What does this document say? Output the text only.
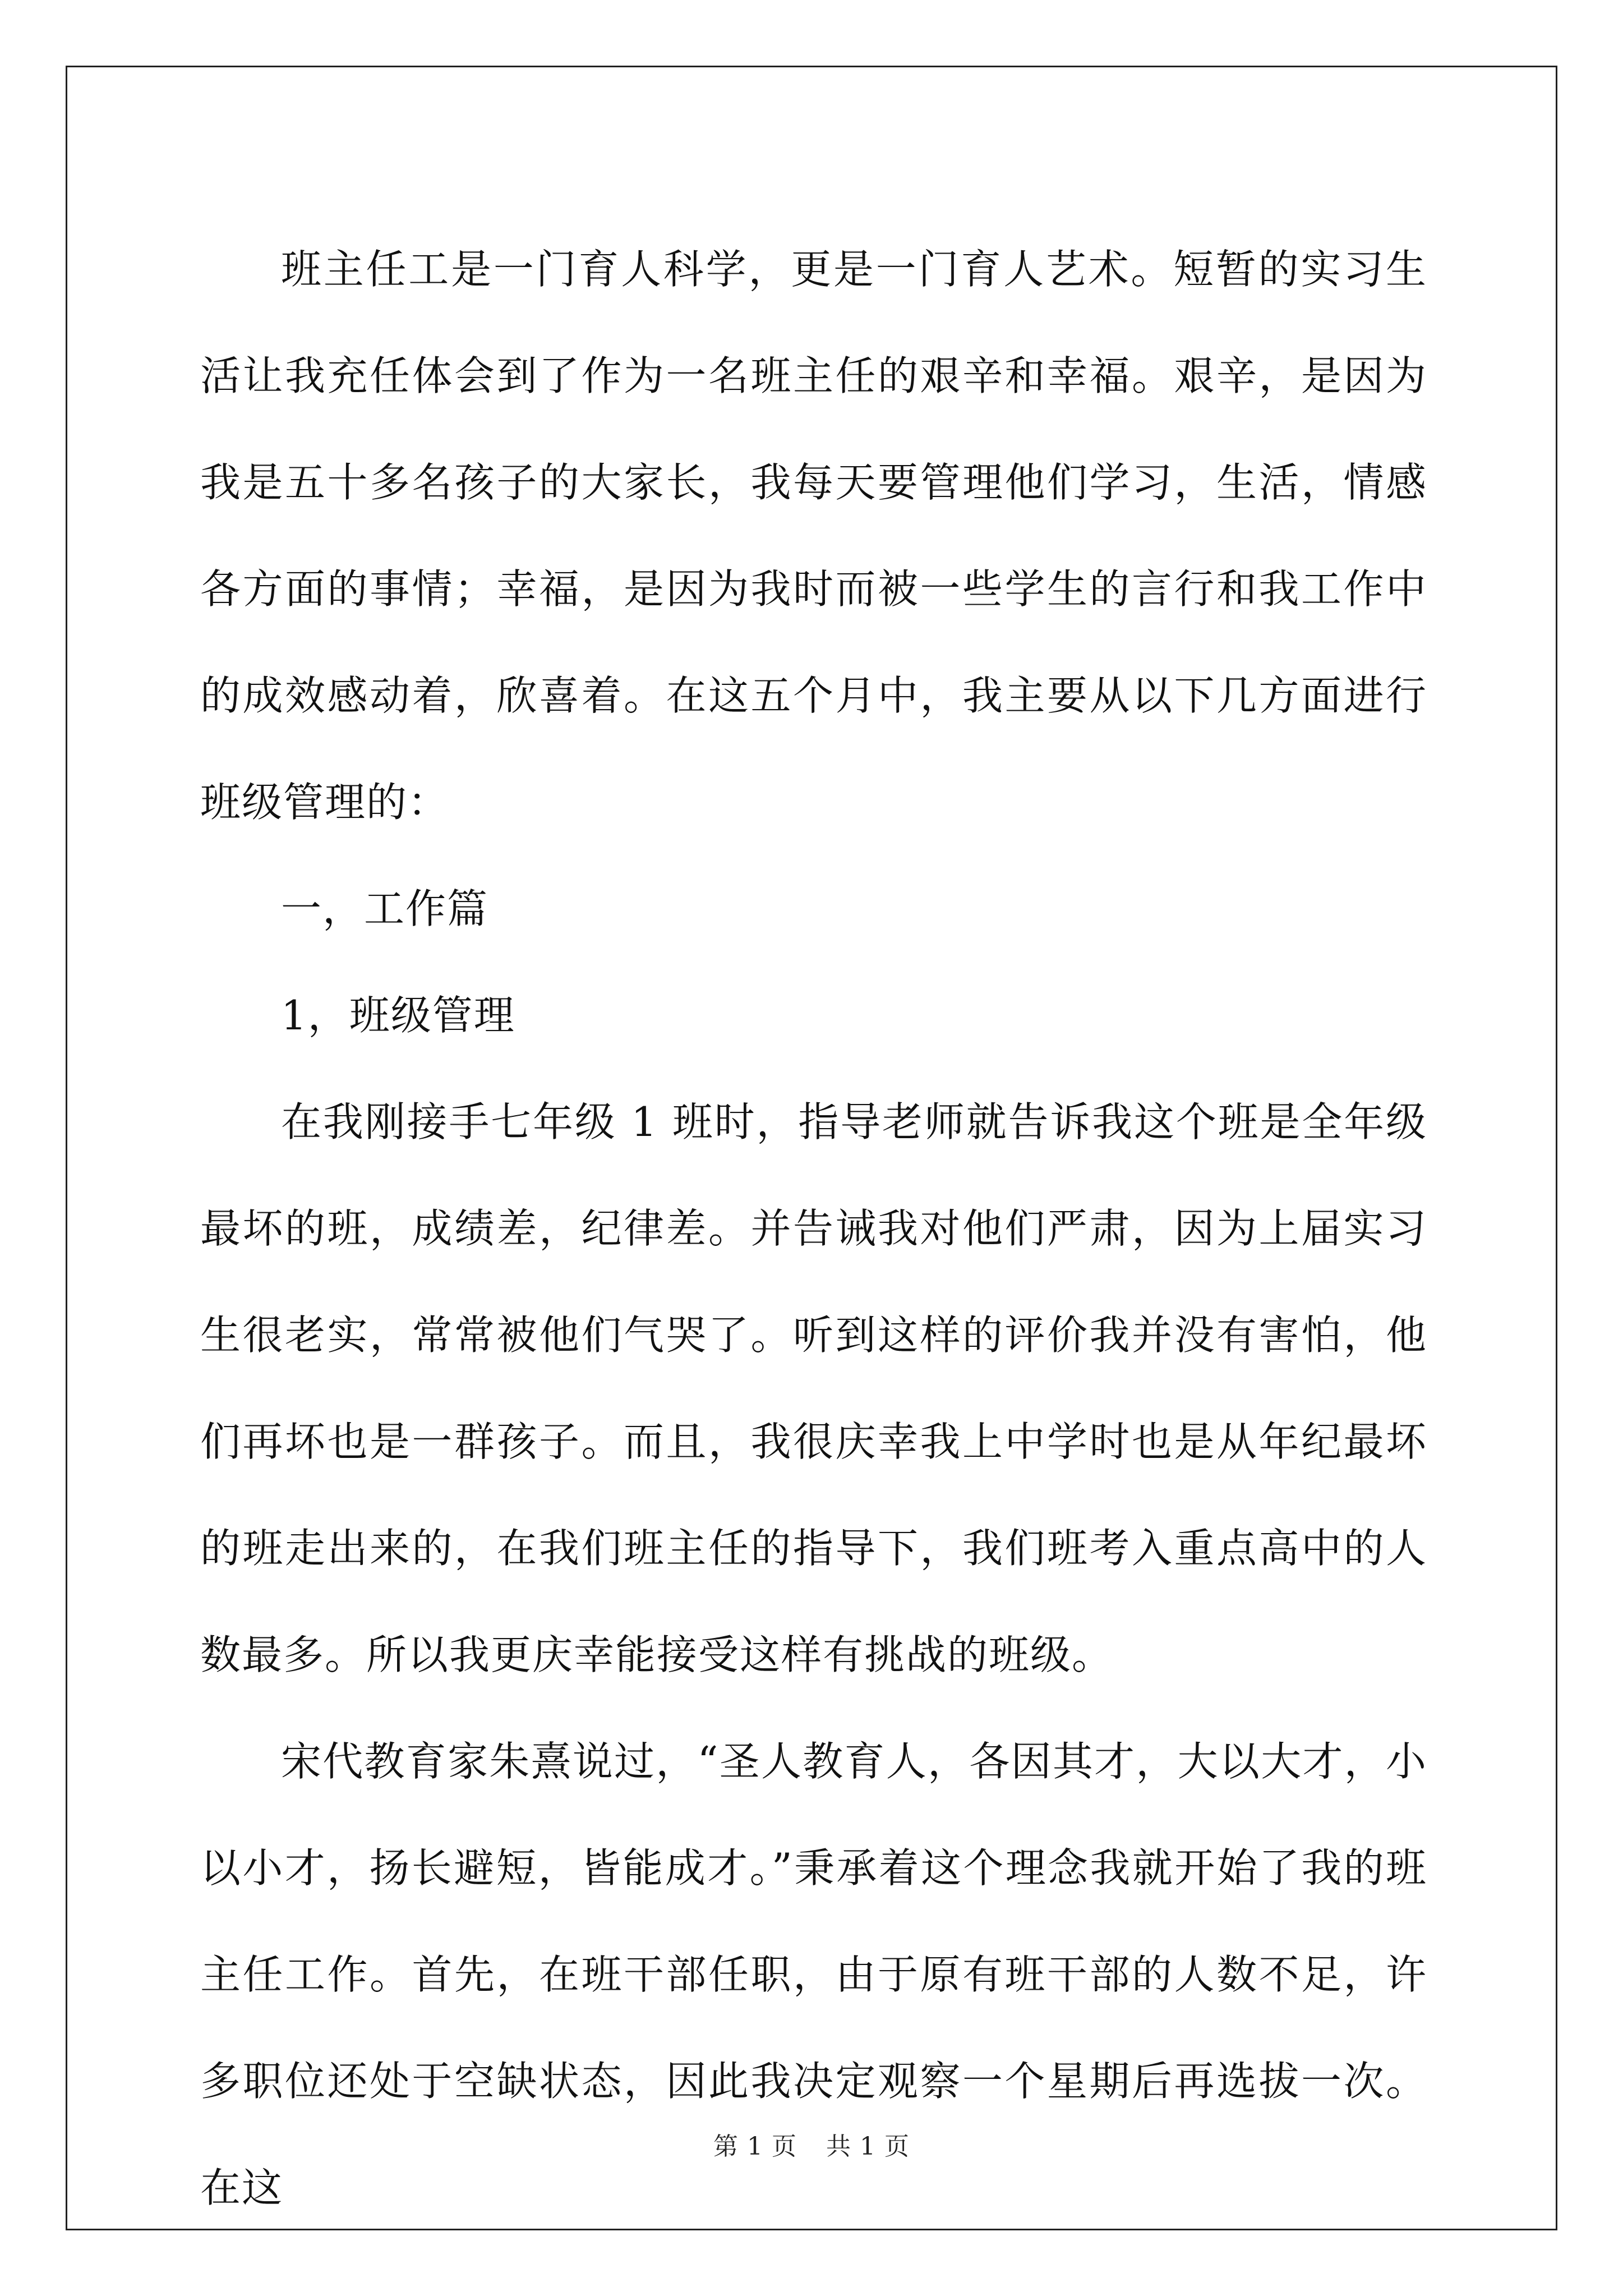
班主任工是一门育人科学，更是一门育人艺术。短暂的实习生活让我充任体会到了作为一名班主任的艰辛和幸福。艰辛，是因为我是五十多名孩子的大家长，我每天要管理他们学习，生活，情感各方面的事情；幸福，是因为我时而被一些学生的言行和我工作中的成效感动着，欣喜着。在这五个月中，我主要从以下几方面进行班级管理的：

一，工作篇

1，班级管理

在我刚接手七年级 1 班时，指导老师就告诉我这个班是全年级最坏的班，成绩差，纪律差。并告诫我对他们严肃，因为上届实习生很老实，常常被他们气哭了。听到这样的评价我并没有害怕，他们再坏也是一群孩子。而且，我很庆幸我上中学时也是从年纪最坏的班走出来的，在我们班主任的指导下，我们班考入重点高中的人数最多。所以我更庆幸能接受这样有挑战的班级。

宋代教育家朱熹说过，“圣人教育人，各因其才，大以大才，小以小才，扬长避短，皆能成才。”秉承着这个理念我就开始了我的班主任工作。首先，在班干部任职，由于原有班干部的人数不足，许多职位还处于空缺状态，因此我决定观察一个星期后再选拔一次。在这

第 1 页 共 1 页
